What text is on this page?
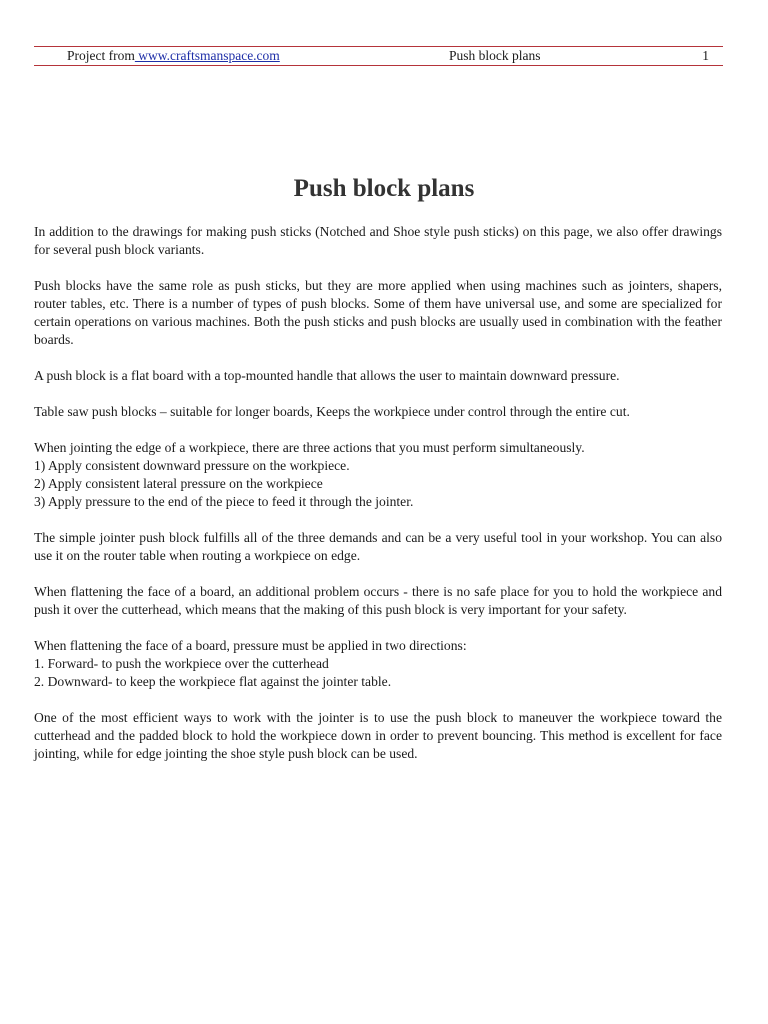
Project from www.craftsmanspace.com	Push block plans	1
Push block plans

In addition to the drawings for making push sticks (Notched and Shoe style push sticks) on this page, we also offer drawings for several push block variants.

Push blocks have the same role as push sticks, but they are more applied when using machines such as jointers, shapers, router tables, etc. There is a number of types of push blocks. Some of them have universal use, and some are specialized for certain operations on various machines. Both the push sticks and push blocks are usually used in combination with the feather boards.

A push block is a flat board with a top-mounted handle that allows the user to maintain downward pressure.

Table saw push blocks – suitable for longer boards, Keeps the workpiece under control through the entire cut.

When jointing the edge of a workpiece, there are three actions that you must perform simultaneously.
1) Apply consistent downward pressure on the workpiece.
2) Apply consistent lateral pressure on the workpiece
3) Apply pressure to the end of the piece to feed it through the jointer.

The simple jointer push block fulfills all of the three demands and can be a very useful tool in your workshop. You can also use it on the router table when routing a workpiece on edge.

When flattening the face of a board, an additional problem occurs - there is no safe place for you to hold the workpiece and push it over the cutterhead, which means that the making of this push block is very important for your safety.

When flattening the face of a board, pressure must be applied in two directions:
1. Forward- to push the workpiece over the cutterhead
2. Downward- to keep the workpiece flat against the jointer table.

One of the most efficient ways to work with the jointer is to use the push block to maneuver the workpiece toward the cutterhead and the padded block to hold the workpiece down in order to prevent bouncing. This method is excellent for face jointing, while for edge jointing the shoe style push block can be used.
